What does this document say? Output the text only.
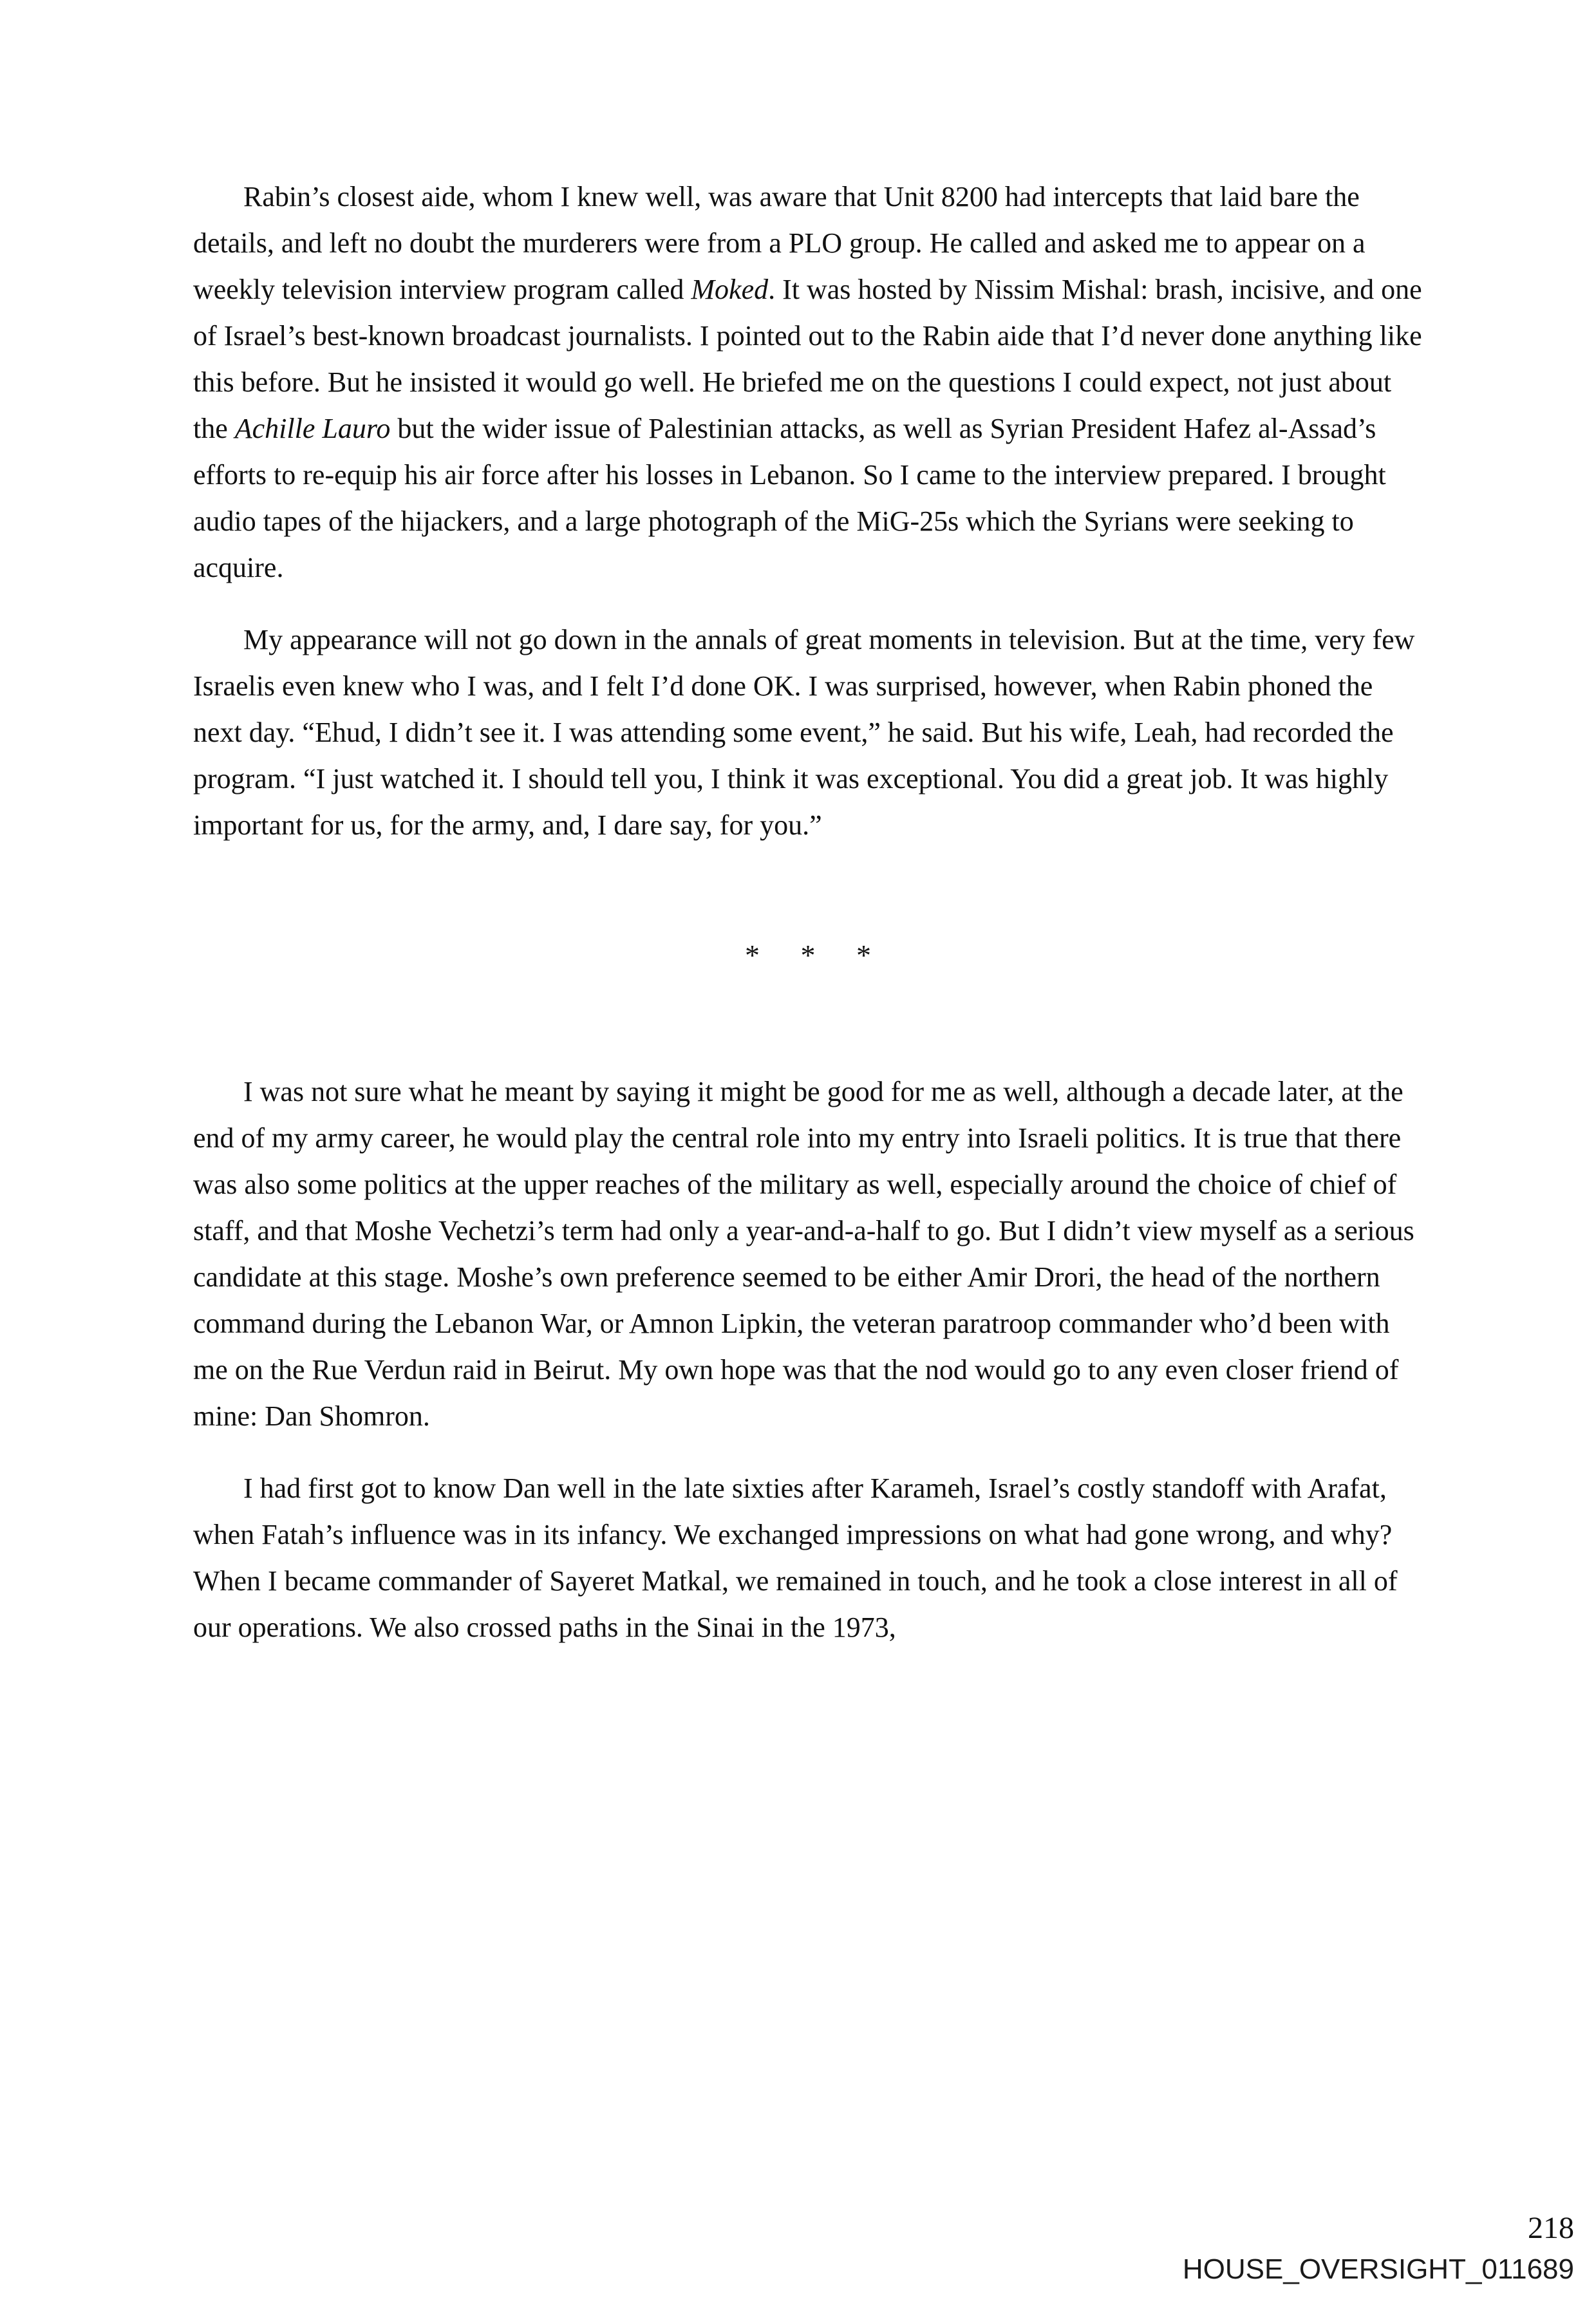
Rabin’s closest aide, whom I knew well, was aware that Unit 8200 had intercepts that laid bare the details, and left no doubt the murderers were from a PLO group. He called and asked me to appear on a weekly television interview program called Moked. It was hosted by Nissim Mishal: brash, incisive, and one of Israel’s best-known broadcast journalists. I pointed out to the Rabin aide that I’d never done anything like this before. But he insisted it would go well. He briefed me on the questions I could expect, not just about the Achille Lauro but the wider issue of Palestinian attacks, as well as Syrian President Hafez al-Assad’s efforts to re-equip his air force after his losses in Lebanon. So I came to the interview prepared. I brought audio tapes of the hijackers, and a large photograph of the MiG-25s which the Syrians were seeking to acquire.

My appearance will not go down in the annals of great moments in television. But at the time, very few Israelis even knew who I was, and I felt I’d done OK. I was surprised, however, when Rabin phoned the next day. “Ehud, I didn’t see it. I was attending some event,” he said. But his wife, Leah, had recorded the program. “I just watched it. I should tell you, I think it was exceptional. You did a great job. It was highly important for us, for the army, and, I dare say, for you.”

* * *

I was not sure what he meant by saying it might be good for me as well, although a decade later, at the end of my army career, he would play the central role into my entry into Israeli politics. It is true that there was also some politics at the upper reaches of the military as well, especially around the choice of chief of staff, and that Moshe Vechetzi’s term had only a year-and-a-half to go. But I didn’t view myself as a serious candidate at this stage. Moshe’s own preference seemed to be either Amir Drori, the head of the northern command during the Lebanon War, or Amnon Lipkin, the veteran paratroop commander who’d been with me on the Rue Verdun raid in Beirut. My own hope was that the nod would go to any even closer friend of mine: Dan Shomron.

I had first got to know Dan well in the late sixties after Karameh, Israel’s costly standoff with Arafat, when Fatah’s influence was in its infancy. We exchanged impressions on what had gone wrong, and why? When I became commander of Sayeret Matkal, we remained in touch, and he took a close interest in all of our operations. We also crossed paths in the Sinai in the 1973,

218
HOUSE_OVERSIGHT_011689
